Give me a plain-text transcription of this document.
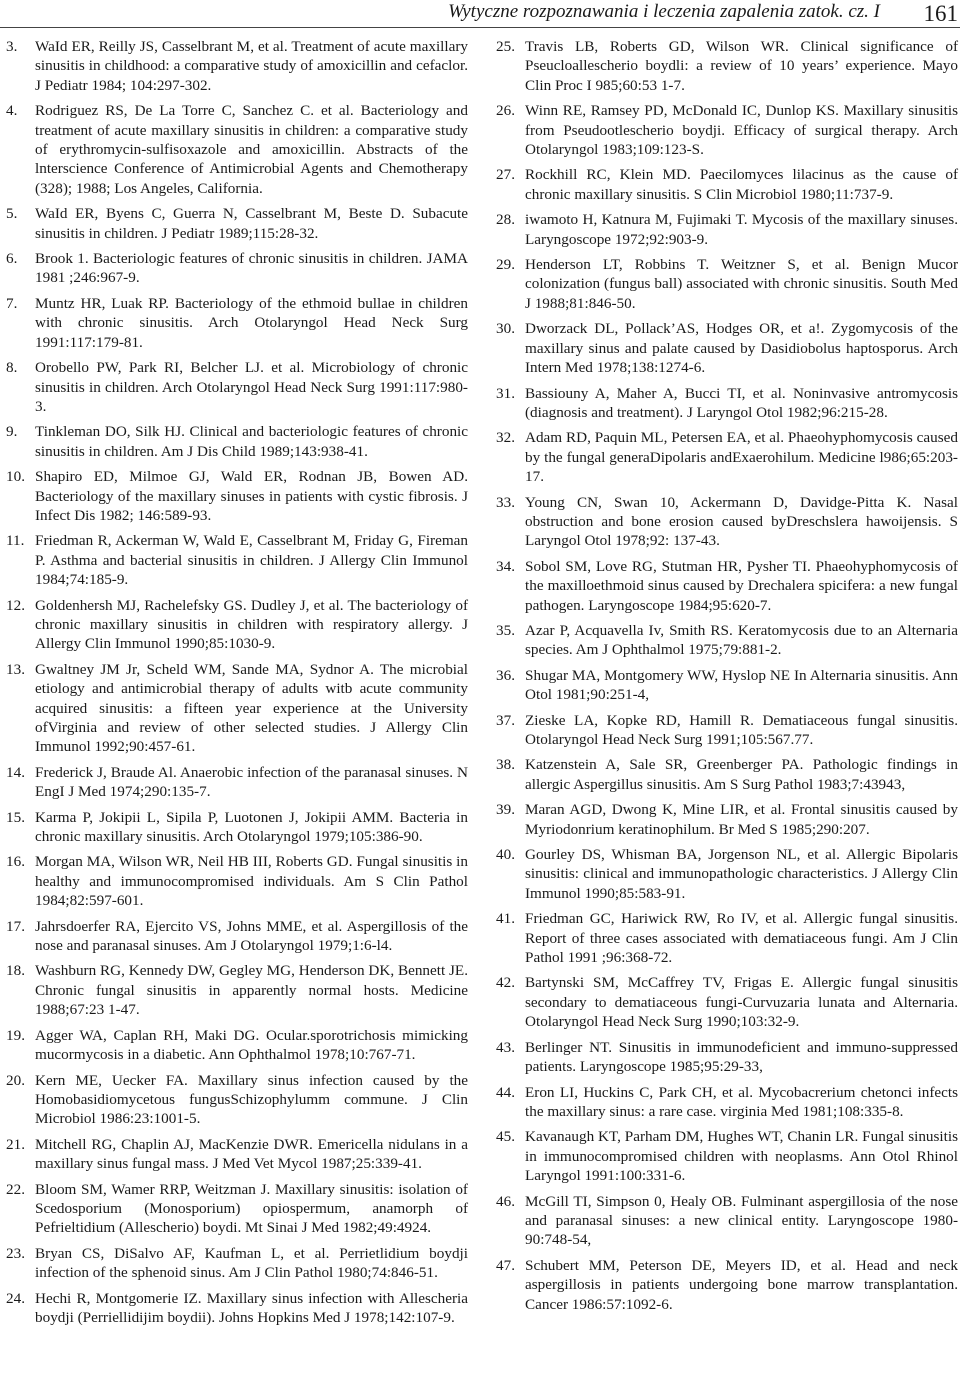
Wytyczne rozpoznawania i leczenia zapalenia zatok. cz. I 161
3.	WaId ER, Reilly JS, Casselbrant M, et al. Treatment of acute maxillary sinusitis in childhood: a comparative study of amoxicillin and cefaclor. J Pediatr 1984; 104:297-302.
4.	Rodriguez RS, De La Torre C, Sanchez C. et al. Bacteriology and treatment of acute maxillary sinusitis in children: a comparative study of erythromycin-sulfisoxazole and amoxicillin. Abstracts of the lnterscience Conference of Antimicrobial Agents and Chemotherapy (328); 1988; Los Angeles, California.
5.	WaId ER, Byens C, Guerra N, Casselbrant M, Beste D. Subacute sinusitis in children. J Pediatr 1989;115:28-32.
6.	Brook 1. Bacteriologic features of chronic sinusitis in children. JAMA 1981 ;246:967-9.
7.	Muntz HR, Luak RP. Bacteriology of the ethmoid bullae in children with chronic sinusitis. Arch Otolaryngol Head Neck Surg 1991:117:179-81.
8.	Orobello PW, Park RI, Belcher LJ. et al. Microbiology of chronic sinusitis in children. Arch Otolaryngol Head Neck Surg 1991:117:980-3.
9.	Tinkleman DO, Silk HJ. Clinical and bacteriologic features of chronic sinusitis in children. Am J Dis Child 1989;143:938-41.
10. Shapiro ED, Milmoe GJ, Wald ER, Rodnan JB, Bowen AD. Bacteriology of the maxillary sinuses in patients with cystic fibrosis. J Infect Dis 1982; 146:589-93.
11. Friedman R, Ackerman W, Wald E, Casselbrant M, Friday G, Fireman P. Asthma and bacterial sinusitis in children. J Allergy Clin Immunol 1984;74:185-9.
12. Goldenhersh MJ, Rachelefsky GS. Dudley J, et al. The bacteriology of chronic maxillary sinusitis in children with respiratory allergy. J Allergy Clin Immunol 1990;85:1030-9.
13. Gwaltney JM Jr, Scheld WM, Sande MA, Sydnor A. The microbial etiology and antimicrobial therapy of adults witb acute community acquired sinusitis: a fifteen year experience at the University ofVirginia and review of other selected studies. J Allergy Clin Immunol 1992;90:457-61.
14. Frederick J, Braude Al. Anaerobic infection of the paranasal sinuses. N EngI J Med 1974;290:135-7.
15. Karma P, Jokipii L, Sipila P, Luotonen J, Jokipii AMM. Bacteria in chronic maxillary sinusitis. Arch Otolaryngol 1979;105:386-90.
16. Morgan MA, Wilson WR, Neil HB III, Roberts GD. Fungal sinusitis in healthy and immunocompromised individuals. Am S Clin Pathol 1984;82:597-601.
17. Jahrsdoerfer RA, Ejercito VS, Johns MME, et al. Aspergillosis of the nose and paranasal sinuses. Am J Otolaryngol 1979;1:6-l4.
18. Washburn RG, Kennedy DW, Gegley MG, Henderson DK, Bennett JE. Chronic fungal sinusitis in apparently normal hosts. Medicine 1988;67:23 1-47.
19. Agger WA, Caplan RH, Maki DG. Ocular.sporotrichosis mimicking mucormycosis in a diabetic. Ann Ophthalmol 1978;10:767-71.
20. Kern ME, Uecker FA. Maxillary sinus infection caused by the Homobasidiomycetous fungusSchizophylumm commune. J Clin Microbiol 1986:23:1001-5.
21. Mitchell RG, Chaplin AJ, MacKenzie DWR. Emericella nidulans in a maxillary sinus fungal mass. J Med Vet Mycol 1987;25:339-41.
22. Bloom SM, Wamer RRP, Weitzman J. Maxillary sinusitis: isolation of Scedosporium (Monosporium) opiospermum, anamorph of Pefrieltidium (Allescherio) boydi. Mt Sinai J Med 1982;49:4924.
23. Bryan CS, DiSalvo AF, Kaufman L, et al. Perrietlidium boydji infection of the sphenoid sinus. Am J Clin Pathol 1980;74:846-51.
24. Hechi R, Montgomerie IZ. Maxillary sinus infection with Allescheria boydji (Perriellidijim boydii). Johns Hopkins Med J 1978;142:107-9.
25. Travis LB, Roberts GD, Wilson WR. Clinical significance of Pseucloallescherio boydli: a review of 10 years’ experience. Mayo Clin Proc I 985;60:53 1-7.
26. Winn RE, Ramsey PD, McDonald IC, Dunlop KS. Maxillary sinusitis from Pseudootlescherio boydji. Efficacy of surgical therapy. Arch Otolaryngol 1983;109:123-S.
27. Rockhill RC, Klein MD. Paecilomyces lilacinus as the cause of chronic maxillary sinusitis. S Clin Microbiol 1980;11:737-9.
28. iwamoto H, Katnura M, Fujimaki T. Mycosis of the maxillary sinuses. Laryngoscope 1972;92:903-9.
29. Henderson LT, Robbins T. Weitzner S, et al. Benign Mucor colonization (fungus ball) associated with chronic sinusitis. South Med J 1988;81:846-50.
30. Dworzack DL, Pollack’AS, Hodges OR, et a!. Zygomycosis of the maxillary sinus and palate caused by Dasidiobolus haptosporus. Arch Intern Med 1978;138:1274-6.
31. Bassiouny A, Maher A, Bucci TI, et al. Noninvasive antromycosis (diagnosis and treatment). J Laryngol Otol 1982;96:215-28.
32. Adam RD, Paquin ML, Petersen EA, et al. Phaeohyphomycosis caused by the fungal generaDipolaris andExaerohilum. Medicine l986;65:203-17.
33. Young CN, Swan 10, Ackermann D, Davidge-Pitta K. Nasal obstruction and bone erosion caused byDreschslera hawoijensis. S Laryngol Otol 1978;92: 137-43.
34. Sobol SM, Love RG, Stutman HR, Pysher TI. Phaeohyphomycosis of the maxilloethmoid sinus caused by Drechalera spicifera: a new fungal pathogen. Laryngoscope 1984;95:620-7.
35. Azar P, Acquavella Iv, Smith RS. Keratomycosis due to an Alternaria species. Am J Ophthalmol 1975;79:881-2.
36. Shugar MA, Montgomery WW, Hyslop NE In Alternaria sinusitis. Ann Otol 1981;90:251-4,
37. Zieske LA, Kopke RD, Hamill R. Dematiaceous fungal sinusitis. Otolaryngol Head Neck Surg 1991;105:567.77.
38. Katzenstein A, Sale SR, Greenberger PA. Pathologic findings in allergic Aspergillus sinusitis. Am S Surg Pathol 1983;7:43943,
39. Maran AGD, Dwong K, Mine LIR, et al. Frontal sinusitis caused by Myriodonrium keratinophilum. Br Med S 1985;290:207.
40. Gourley DS, Whisman BA, Jorgenson NL, et al. Allergic Bipolaris sinusitis: clinical and immunopathologic characteristics. J Allergy Clin Immunol 1990;85:583-91.
41. Friedman GC, Hariwick RW, Ro IV, et al. Allergic fungal sinusitis. Report of three cases associated with dematiaceous fungi. Am J Clin Pathol 1991 ;96:368-72.
42. Bartynski SM, McCaffrey TV, Frigas E. Allergic fungal sinusitis secondary to dematiaceous fungi-Curvuzaria lunata and Alternaria. Otolaryngol Head Neck Surg 1990;103:32-9.
43. Berlinger NT. Sinusitis in immunodeficient and immuno-suppressed patients. Laryngoscope 1985;95:29-33,
44. Eron LI, Huckins C, Park CH, et al. Mycobacrerium chetonci infects the maxillary sinus: a rare case. virginia Med 1981;108:335-8.
45. Kavanaugh KT, Parham DM, Hughes WT, Chanin LR. Fungal sinusitis in immunocompromised children with neoplasms. Ann Otol Rhinol Laryngol 1991:100:331-6.
46. McGill TI, Simpson 0, Healy OB. Fulminant aspergillosia of the nose and paranasal sinuses: a new clinical entity. Laryngoscope 1980-90:748-54,
47. Schubert MM, Peterson DE, Meyers ID, et al. Head and neck aspergillosis in patients undergoing bone marrow transplantation. Cancer 1986:57:1092-6.
